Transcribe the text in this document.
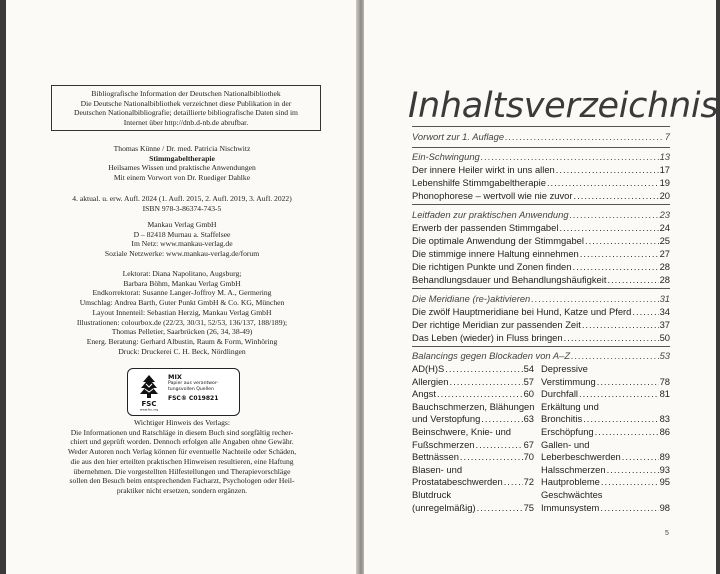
Bibliografische Information der Deutschen Nationalbibliothek
Die Deutsche Nationalbibliothek verzeichnet diese Publikation in der
Deutschen Nationalbibliografie; detaillierte bibliografische Daten sind im
Internet über http://dnb.d-nb.de abrufbar.
Thomas Künne / Dr. med. Patricia Nischwitz
Stimmgabeltherapie
Heilsames Wissen und praktische Anwendungen
Mit einem Vorwort von Dr. Ruediger Dahlke
4. aktual. u. erw. Aufl. 2024 (1. Aufl. 2015, 2. Aufl. 2019, 3. Aufl. 2022)
ISBN 978-3-86374-743-5
Mankau Verlag GmbH
D – 82418 Murnau a. Staffelsee
Im Netz: www.mankau-verlag.de
Soziale Netzwerke: www.mankau-verlag.de/forum
Lektorat: Diana Napolitano, Augsburg;
Barbara Böhm, Mankau Verlag GmbH
Endkorrektorat: Susanne Langer-Joffroy M. A., Germering
Umschlag: Andrea Barth, Guter Punkt GmbH & Co. KG, München
Layout Innenteil: Sebastian Herzig, Mankau Verlag GmbH
Illustrationen: colourbox.de (22/23, 30/31, 52/53, 136/137, 188/189);
Thomas Pelletier, Saarbrücken (26, 34, 38-49)
Energ. Beratung: Gerhard Albustin, Raum & Form, Winhöring
Druck: Druckerei C. H. Beck, Nördlingen
FSC
www.fsc.org
MIX
Papier aus verantwor-
tungsvollen Quellen
FSC® C019821
Wichtiger Hinweis des Verlags:
Die Informationen und Ratschläge in diesem Buch sind sorgfältig recher-
chiert und geprüft worden. Dennoch erfolgen alle Angaben ohne Gewähr.
Weder Autoren noch Verlag können für eventuelle Nachteile oder Schäden,
die aus den hier erteilten praktischen Hinweisen resultieren, eine Haftung
übernehmen. Die vorgestellten Hilfestellungen und Therapievorschläge
sollen den Besuch beim entsprechenden Facharzt, Psychologen oder Heil-
praktiker nicht ersetzen, sondern ergänzen.
Inhaltsverzeichnis
Vorwort zur 1. Auflage .....	7
Ein-Schwingung .....	13
Der innere Heiler wirkt in uns allen .....	17
Lebenshilfe Stimmgabeltherapie .....	19
Phonophorese – wertvoll wie nie zuvor .....	20
Leitfaden zur praktischen Anwendung .....	23
Erwerb der passenden Stimmgabel .....	24
Die optimale Anwendung der Stimmgabel .....	25
Die stimmige innere Haltung einnehmen .....	27
Die richtigen Punkte und Zonen finden .....	28
Behandlungsdauer und Behandlungshäufigkeit .....	28
Die Meridiane (re-)aktivieren .....	31
Die zwölf Hauptmeridiane bei Hund, Katze und Pferd .....	34
Der richtige Meridian zur passenden Zeit .....	37
Das Leben (wieder) in Fluss bringen .....	50
Balancings gegen Blockaden von A–Z .....	53
5
AD(H)S .....	54
Allergien .....	57
Angst .....	60
Bauchschmerzen, Blähungen
und Verstopfung .....	63
Beinschwere, Knie- und
Fußschmerzen .....	67
Bettnässen .....	70
Blasen- und
Prostatabeschwerden ..... 72
Blutdruck
(unregelmäßig) .....	75
Depressive
Verstimmung .....	78
Durchfall .....	81
Erkältung und
Bronchitis .....	83
Erschöpfung .....	86
Gallen- und
Leberbeschwerden .....	89
Halsschmerzen .....	93
Hautprobleme .....	95
Geschwächtes
Immunsystem .....	98
